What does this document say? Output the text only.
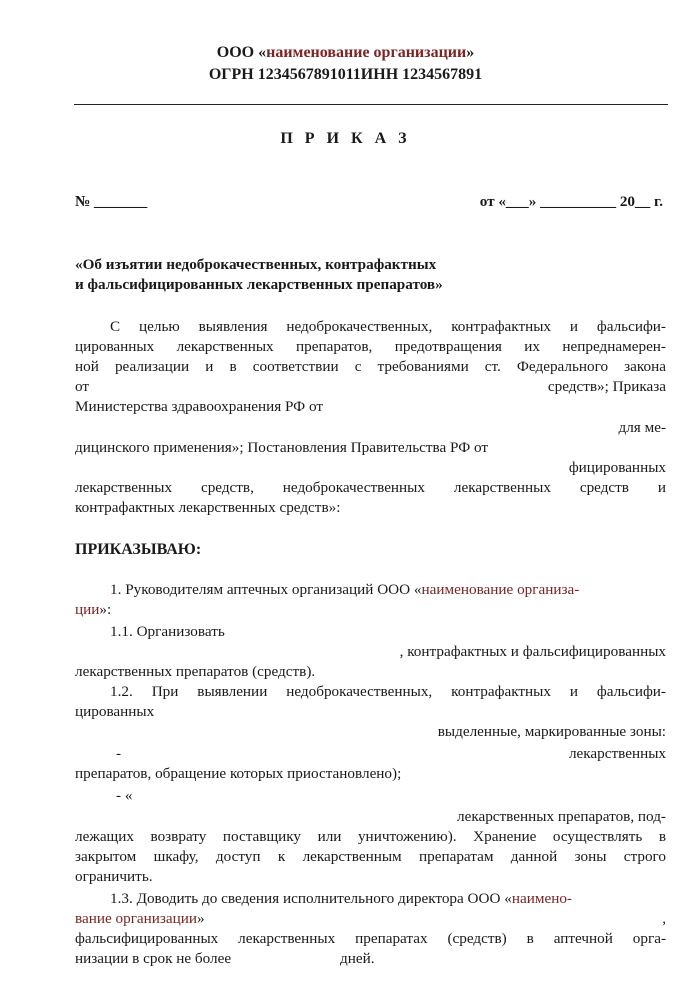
ООО «наименование организации»
ОГРН 1234567891011ИНН 1234567891
П Р И К А З
№ _______	от «___» __________ 20__ г.
«Об изъятии недоброкачественных, контрафактных
и фальсифицированных лекарственных препаратов»
С целью выявления недоброкачественных, контрафактных и фальсифи-
цированных лекарственных препаратов, предотвращения их непреднамерен-
ной реализации и в соответствии с требованиями ст. Федерального закона
от	средств»; Приказа
Министерства здравоохранения РФ от
для ме-
дицинского применения»; Постановления Правительства РФ от
фицированных
лекарственных средств, недоброкачественных лекарственных средств и
контрафактных лекарственных средств»:
ПРИКАЗЫВАЮ:
1. Руководителям аптечных организаций ООО «наименование организа-
ции»:
1.1. Организовать
, контрафактных и фальсифицированных
лекарственных препаратов (средств).
1.2. При выявлении недоброкачественных, контрафактных и фальсифи-
цированных
выделенные, маркированные зоны:
-	лекарственных
препаратов, обращение которых приостановлено);
- «
лекарственных препаратов, под-
лежащих возврату поставщику или уничтожению). Хранение осуществлять в
закрытом шкафу, доступ к лекарственным препаратам данной зоны строго
ограничить.
1.3. Доводить до сведения исполнительного директора ООО «наимено-
вание организации»	,
фальсифицированных лекарственных препаратах (средств) в аптечной орга-
низации в срок не более	дней.
